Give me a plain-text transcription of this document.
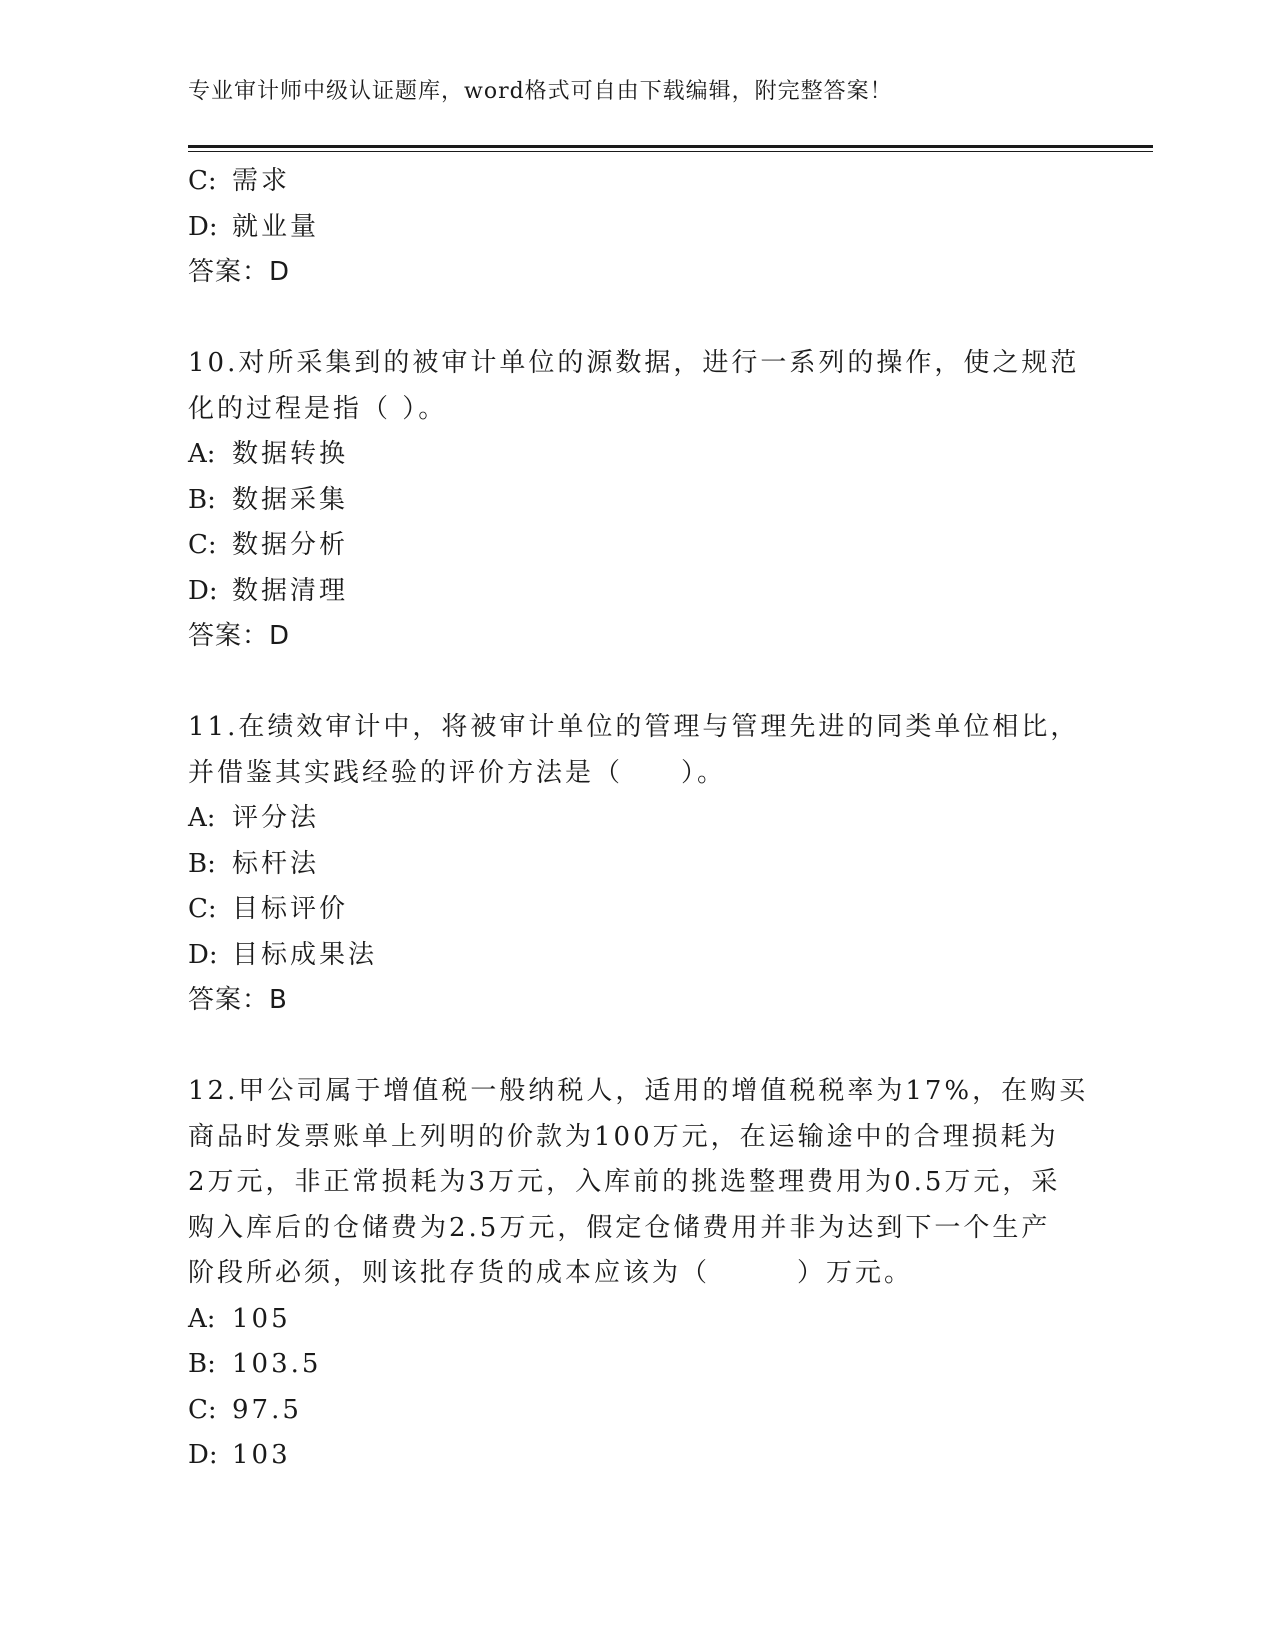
专业审计师中级认证题库，word格式可自由下载编辑，附完整答案！
C: 需求
D: 就业量
答案：D
10.对所采集到的被审计单位的源数据，进行一系列的操作，使之规范
化的过程是指（ ）。
A: 数据转换
B: 数据采集
C: 数据分析
D: 数据清理
答案：D
11.在绩效审计中，将被审计单位的管理与管理先进的同类单位相比，
并借鉴其实践经验的评价方法是（　　）。
A: 评分法
B: 标杆法
C: 目标评价
D: 目标成果法
答案：B
12.甲公司属于增值税一般纳税人，适用的增值税税率为17%，在购买
商品时发票账单上列明的价款为100万元，在运输途中的合理损耗为
2万元，非正常损耗为3万元，入库前的挑选整理费用为0.5万元，采
购入库后的仓储费为2.5万元，假定仓储费用并非为达到下一个生产
阶段所必须，则该批存货的成本应该为（　　　）万元。
A: 105
B: 103.5
C: 97.5
D: 103
